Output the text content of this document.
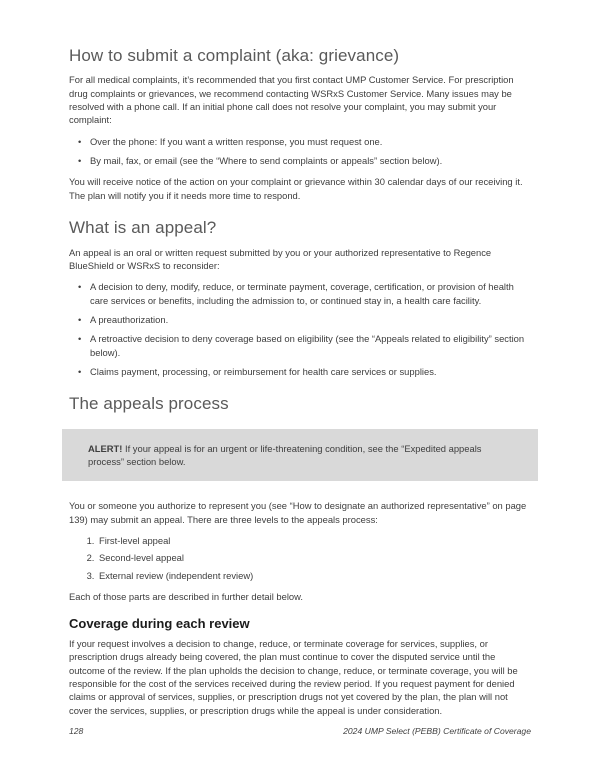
How to submit a complaint (aka: grievance)

For all medical complaints, it’s recommended that you first contact UMP Customer Service. For prescription drug complaints or grievances, we recommend contacting WSRxS Customer Service. Many issues may be resolved with a phone call. If an initial phone call does not resolve your complaint, you may submit your complaint:

• Over the phone: If you want a written response, you must request one.
• By mail, fax, or email (see the “Where to send complaints or appeals” section below).

You will receive notice of the action on your complaint or grievance within 30 calendar days of our receiving it. The plan will notify you if it needs more time to respond.

What is an appeal?

An appeal is an oral or written request submitted by you or your authorized representative to Regence BlueShield or WSRxS to reconsider:

• A decision to deny, modify, reduce, or terminate payment, coverage, certification, or provision of health care services or benefits, including the admission to, or continued stay in, a health care facility.
• A preauthorization.
• A retroactive decision to deny coverage based on eligibility (see the “Appeals related to eligibility” section below).
• Claims payment, processing, or reimbursement for health care services or supplies.
The appeals process

ALERT! If your appeal is for an urgent or life-threatening condition, see the “Expedited appeals process” section below.

You or someone you authorize to represent you (see “How to designate an authorized representative” on page 139) may submit an appeal. There are three levels to the appeals process:

1. First-level appeal
2. Second-level appeal
3. External review (independent review)

Each of those parts are described in further detail below.

Coverage during each review

If your request involves a decision to change, reduce, or terminate coverage for services, supplies, or prescription drugs already being covered, the plan must continue to cover the disputed service until the outcome of the review. If the plan upholds the decision to change, reduce, or terminate coverage, you will be responsible for the cost of the services received during the review period. If you request payment for denied claims or approval of services, supplies, or prescription drugs not yet covered by the plan, the plan will not cover the services, supplies, or prescription drugs while the appeal is under consideration.

128	2024 UMP Select (PEBB) Certificate of Coverage
